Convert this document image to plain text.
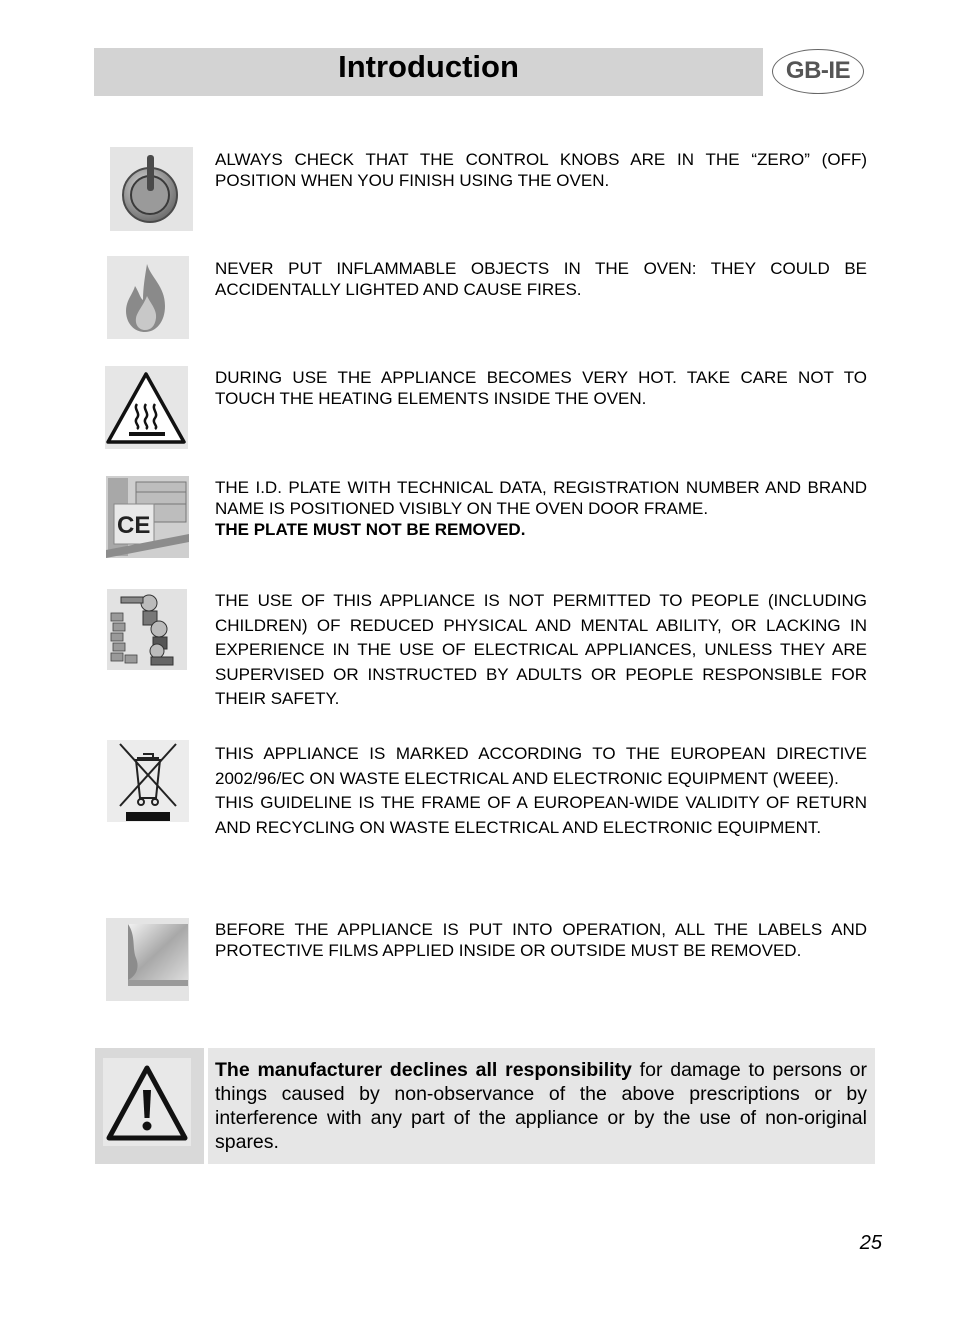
Introduction	GB-IE

ALWAYS CHECK THAT THE CONTROL KNOBS ARE IN THE “ZERO” (OFF) POSITION WHEN YOU FINISH USING THE OVEN.

NEVER PUT INFLAMMABLE OBJECTS IN THE OVEN: THEY COULD BE ACCIDENTALLY LIGHTED AND CAUSE FIRES.

DURING USE THE APPLIANCE BECOMES VERY HOT. TAKE CARE NOT TO TOUCH THE HEATING ELEMENTS INSIDE THE OVEN.

CE

THE I.D. PLATE WITH TECHNICAL DATA, REGISTRATION NUMBER AND BRAND NAME IS POSITIONED VISIBLY ON THE OVEN DOOR FRAME.

THE PLATE MUST NOT BE REMOVED.

THE USE OF THIS APPLIANCE IS NOT PERMITTED TO PEOPLE (INCLUDING CHILDREN) OF REDUCED PHYSICAL AND MENTAL ABILITY, OR LACKING IN EXPERIENCE IN THE USE OF ELECTRICAL APPLIANCES, UNLESS THEY ARE SUPERVISED OR INSTRUCTED BY ADULTS OR PEOPLE RESPONSIBLE FOR THEIR SAFETY.

THIS APPLIANCE IS MARKED ACCORDING TO THE EUROPEAN DIRECTIVE 2002/96/EC ON WASTE ELECTRICAL AND ELECTRONIC EQUIPMENT (WEEE).

THIS GUIDELINE IS THE FRAME OF A EUROPEAN-WIDE VALIDITY OF RETURN AND RECYCLING ON WASTE ELECTRICAL AND ELECTRONIC EQUIPMENT.

BEFORE THE APPLIANCE IS PUT INTO OPERATION, ALL THE LABELS AND PROTECTIVE FILMS APPLIED INSIDE OR OUTSIDE MUST BE REMOVED.

The manufacturer declines all responsibility for damage to persons or things caused by non-observance of the above prescriptions or by interference with any part of the appliance or by the use of non-original spares.
25
